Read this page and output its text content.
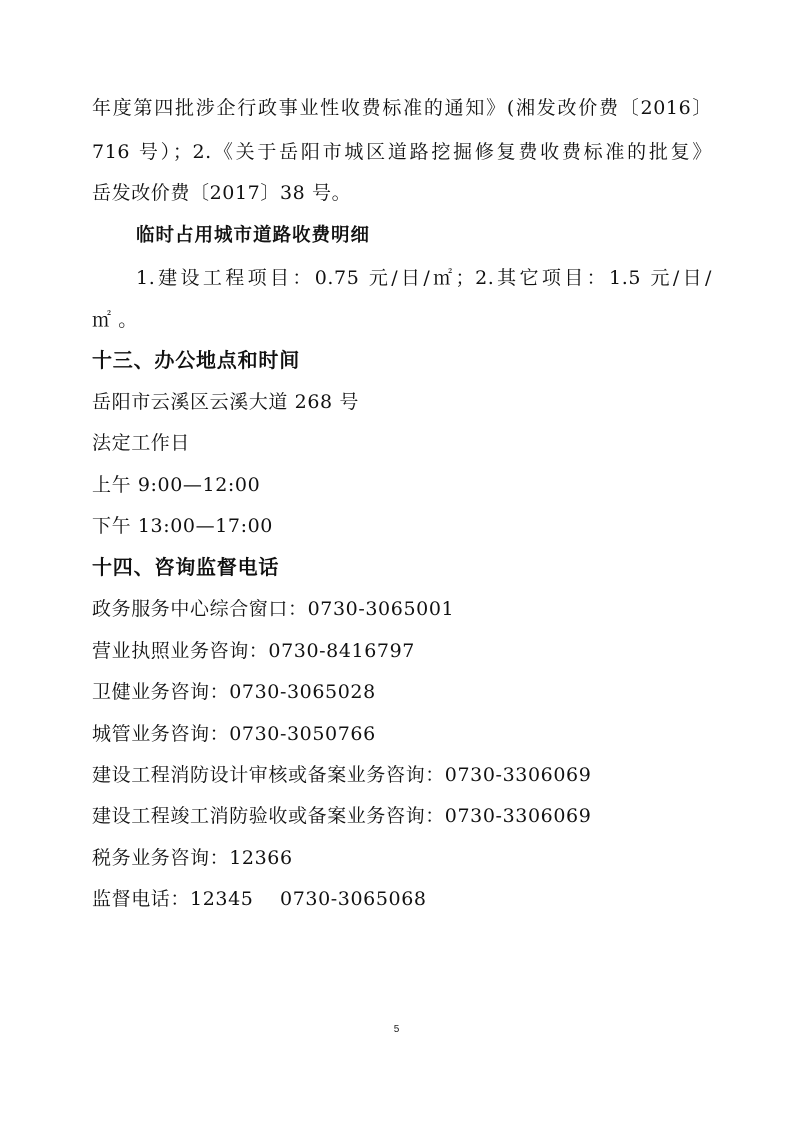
年度第四批涉企行政事业性收费标准的通知》(湘发改价费〔2016〕
716 号）；2.《关于岳阳市城区道路挖掘修复费收费标准的批复》
岳发改价费〔2017〕38 号。
临时占用城市道路收费明细
1.建设工程项目：0.75 元/日/㎡；2.其它项目：1.5 元/日/
㎡ 。
十三、办公地点和时间
岳阳市云溪区云溪大道 268 号
法定工作日
上午 9:00—12:00
下午 13:00—17:00
十四、咨询监督电话
政务服务中心综合窗口：0730-3065001
营业执照业务咨询：0730-8416797
卫健业务咨询：0730-3065028
城管业务咨询：0730-3050766
建设工程消防设计审核或备案业务咨询：0730-3306069
建设工程竣工消防验收或备案业务咨询：0730-3306069
税务业务咨询：12366
监督电话：12345    0730-3065068
5
